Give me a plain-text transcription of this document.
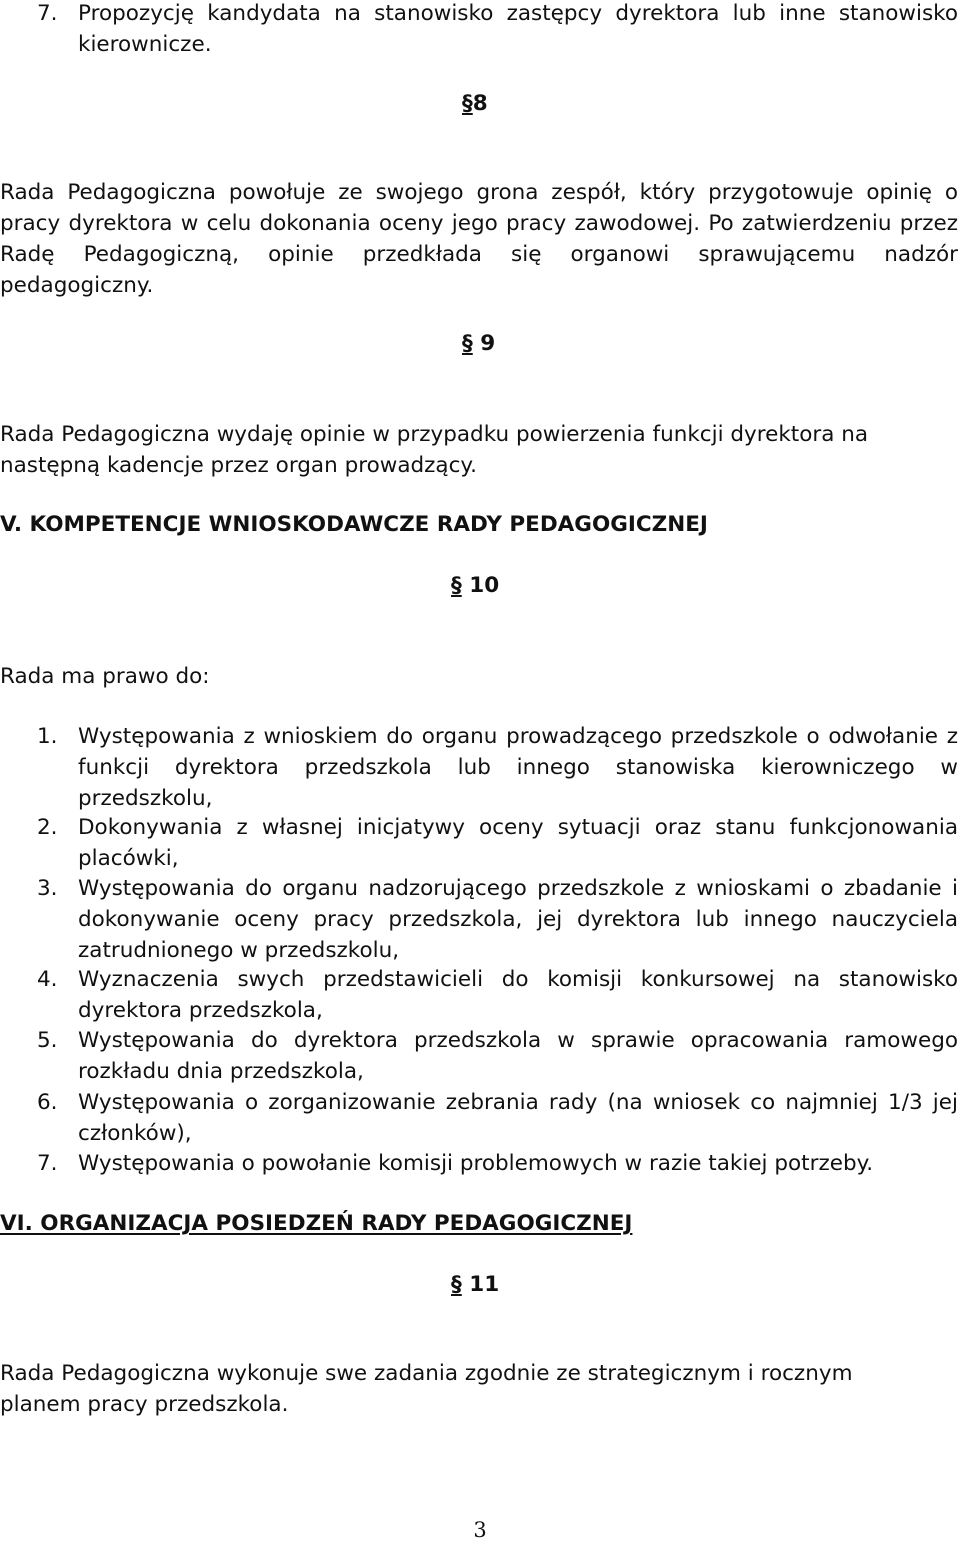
7. Propozycję kandydata na stanowisko zastępcy dyrektora lub inne stanowisko kierownicze.
§8
Rada Pedagogiczna powołuje ze swojego grona zespół, który przygotowuje opinię o pracy dyrektora w celu dokonania oceny jego pracy zawodowej. Po zatwierdzeniu przez Radę Pedagogiczną, opinie przedkłada się organowi sprawującemu nadzór pedagogiczny.
§ 9
Rada Pedagogiczna wydaję opinie w przypadku powierzenia funkcji dyrektora na następną kadencje przez organ prowadzący.
V. KOMPETENCJE WNIOSKODAWCZE RADY PEDAGOGICZNEJ
§ 10
Rada ma prawo do:
1. Występowania z wnioskiem do organu prowadzącego przedszkole o odwołanie z funkcji dyrektora przedszkola lub innego stanowiska kierowniczego w przedszkolu,
2. Dokonywania z własnej inicjatywy oceny sytuacji oraz stanu funkcjonowania placówki,
3. Występowania do organu nadzorującego przedszkole z wnioskami o zbadanie i dokonywanie oceny pracy przedszkola, jej dyrektora lub innego nauczyciela zatrudnionego w przedszkolu,
4. Wyznaczenia swych przedstawicieli do komisji konkursowej na stanowisko dyrektora przedszkola,
5. Występowania do dyrektora przedszkola w sprawie opracowania ramowego rozkładu dnia przedszkola,
6. Występowania o zorganizowanie zebrania rady (na wniosek co najmniej 1/3 jej członków),
7. Występowania o powołanie komisji problemowych w razie takiej potrzeby.
VI. ORGANIZACJA POSIEDZEŃ RADY PEDAGOGICZNEJ
§ 11
Rada Pedagogiczna wykonuje swe zadania zgodnie ze strategicznym i rocznym planem pracy przedszkola.
3
